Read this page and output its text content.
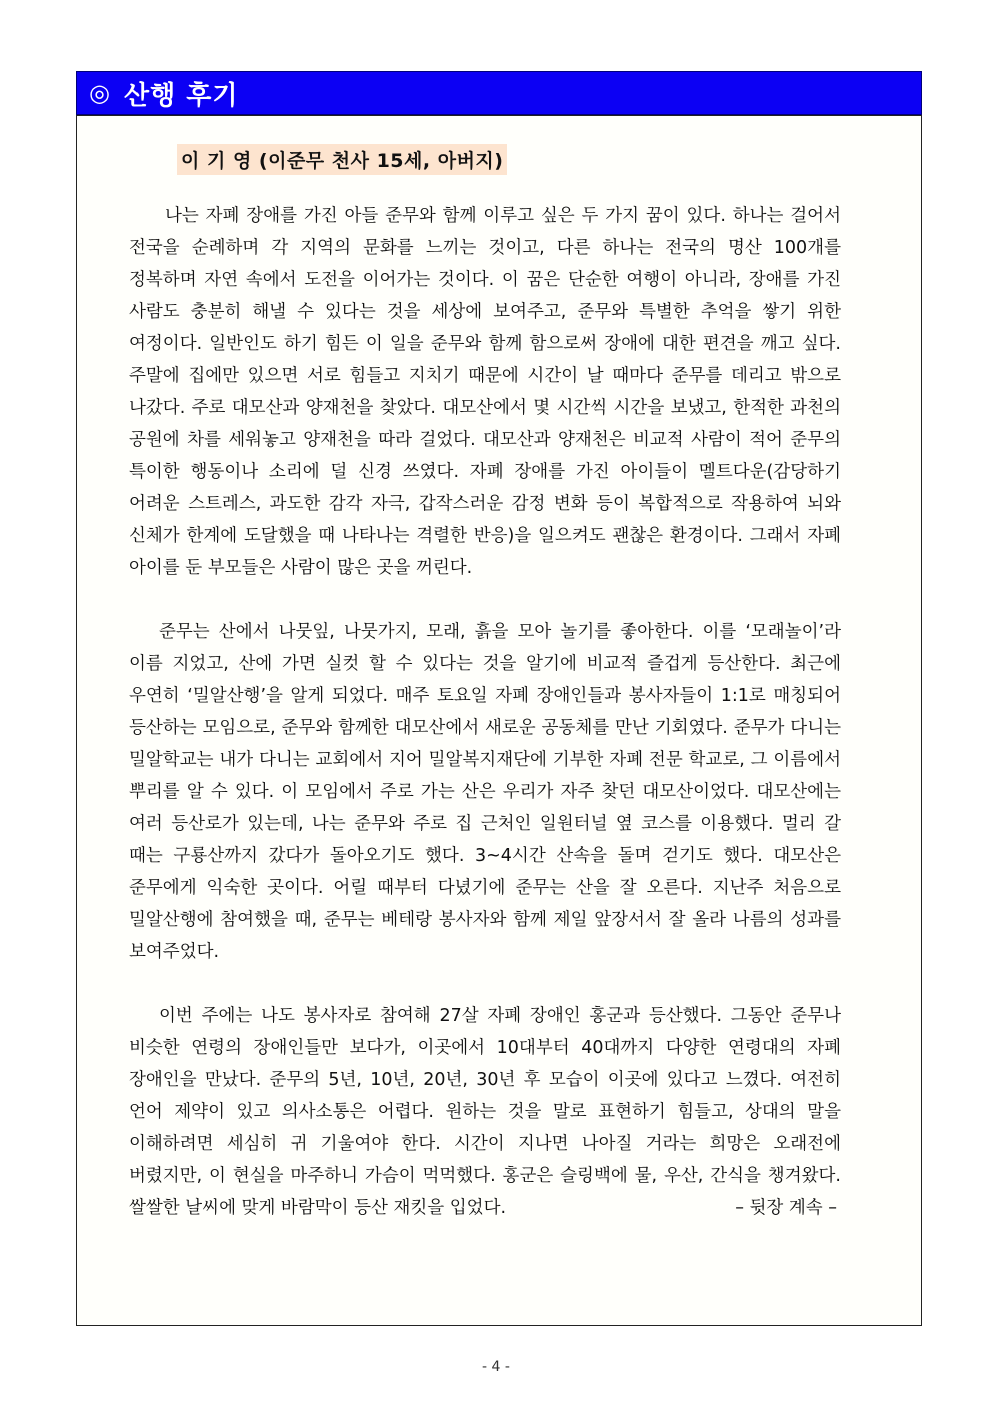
◎ 산행 후기
이 기 영 (이준무 천사 15세, 아버지)

나는 자폐 장애를 가진 아들 준무와 함께 이루고 싶은 두 가지 꿈이 있다. 하나는 걸어서 전국을 순례하며 각 지역의 문화를 느끼는 것이고, 다른 하나는 전국의 명산 100개를 정복하며 자연 속에서 도전을 이어가는 것이다. 이 꿈은 단순한 여행이 아니라, 장애를 가진 사람도 충분히 해낼 수 있다는 것을 세상에 보여주고, 준무와 특별한 추억을 쌓기 위한 여정이다. 일반인도 하기 힘든 이 일을 준무와 함께 함으로써 장애에 대한 편견을 깨고 싶다. 주말에 집에만 있으면 서로 힘들고 지치기 때문에 시간이 날 때마다 준무를 데리고 밖으로 나갔다. 주로 대모산과 양재천을 찾았다. 대모산에서 몇 시간씩 시간을 보냈고, 한적한 과천의 공원에 차를 세워놓고 양재천을 따라 걸었다. 대모산과 양재천은 비교적 사람이 적어 준무의 특이한 행동이나 소리에 덜 신경 쓰였다. 자폐 장애를 가진 아이들이 멜트다운(감당하기 어려운 스트레스, 과도한 감각 자극, 갑작스러운 감정 변화 등이 복합적으로 작용하여 뇌와 신체가 한계에 도달했을 때 나타나는 격렬한 반응)을 일으켜도 괜찮은 환경이다. 그래서 자폐 아이를 둔 부모들은 사람이 많은 곳을 꺼린다.

준무는 산에서 나뭇잎, 나뭇가지, 모래, 흙을 모아 놀기를 좋아한다. 이를 ‘모래놀이’라 이름 지었고, 산에 가면 실컷 할 수 있다는 것을 알기에 비교적 즐겁게 등산한다. 최근에 우연히 ‘밀알산행’을 알게 되었다. 매주 토요일 자폐 장애인들과 봉사자들이 1:1로 매칭되어 등산하는 모임으로, 준무와 함께한 대모산에서 새로운 공동체를 만난 기회였다. 준무가 다니는 밀알학교는 내가 다니는 교회에서 지어 밀알복지재단에 기부한 자폐 전문 학교로, 그 이름에서 뿌리를 알 수 있다. 이 모임에서 주로 가는 산은 우리가 자주 찾던 대모산이었다. 대모산에는 여러 등산로가 있는데, 나는 준무와 주로 집 근처인 일원터널 옆 코스를 이용했다. 멀리 갈 때는 구룡산까지 갔다가 돌아오기도 했다. 3~4시간 산속을 돌며 걷기도 했다. 대모산은 준무에게 익숙한 곳이다. 어릴 때부터 다녔기에 준무는 산을 잘 오른다. 지난주 처음으로 밀알산행에 참여했을 때, 준무는 베테랑 봉사자와 함께 제일 앞장서서 잘 올라 나름의 성과를 보여주었다.

이번 주에는 나도 봉사자로 참여해 27살 자폐 장애인 홍군과 등산했다. 그동안 준무나 비슷한 연령의 장애인들만 보다가, 이곳에서 10대부터 40대까지 다양한 연령대의 자폐 장애인을 만났다. 준무의 5년, 10년, 20년, 30년 후 모습이 이곳에 있다고 느꼈다. 여전히 언어 제약이 있고 의사소통은 어렵다. 원하는 것을 말로 표현하기 힘들고, 상대의 말을 이해하려면 세심히 귀 기울여야 한다. 시간이 지나면 나아질 거라는 희망은 오래전에 버렸지만, 이 현실을 마주하니 가슴이 먹먹했다. 홍군은 슬링백에 물, 우산, 간식을 챙겨왔다. 쌀쌀한 날씨에 맞게 바람막이 등산 재킷을 입었다.	– 뒷장 계속 –

- 4 -
